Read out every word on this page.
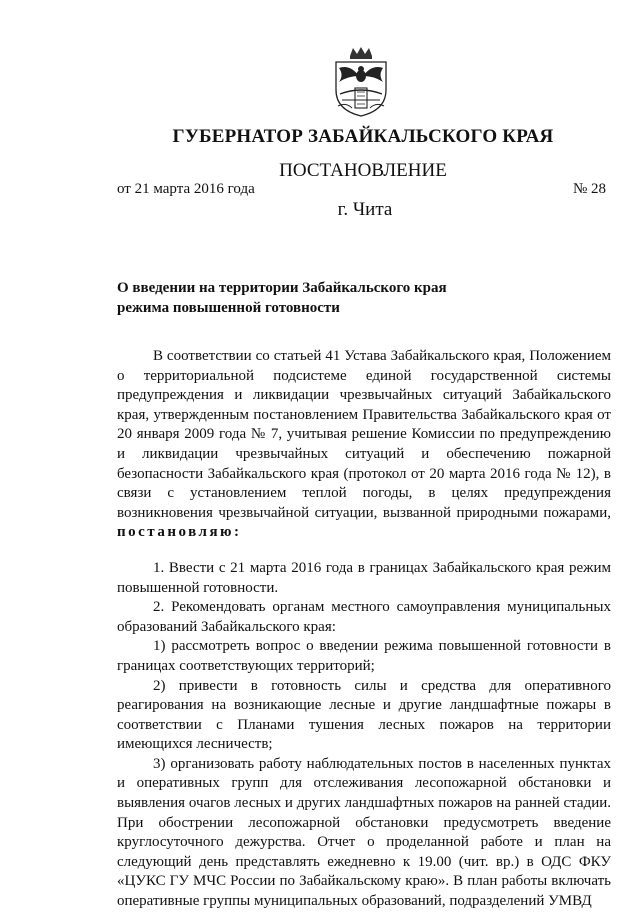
ГУБЕРНАТОР ЗАБАЙКАЛЬСКОГО КРАЯ
ПОСТАНОВЛЕНИЕ
от 21 марта 2016 года	№ 28
г. Чита
О введении на территории Забайкальского края
режима повышенной готовности

В соответствии со статьей 41 Устава Забайкальского края, Положением о территориальной подсистеме единой государственной системы предупреждения и ликвидации чрезвычайных ситуаций Забайкальского края, утвержденным постановлением Правительства Забайкальского края от 20 января 2009 года № 7, учитывая решение Комиссии по предупреждению и ликвидации чрезвычайных ситуаций и обеспечению пожарной безопасности Забайкальского края (протокол от 20 марта 2016 года № 12), в связи с установлением теплой погоды, в целях предупреждения возникновения чрезвычайной ситуации, вызванной природными пожарами, постановляю:

1. Ввести с 21 марта 2016 года в границах Забайкальского края режим повышенной готовности.

2. Рекомендовать органам местного самоуправления муниципальных образований Забайкальского края:

1) рассмотреть вопрос о введении режима повышенной готовности в границах соответствующих территорий;

2) привести в готовность силы и средства для оперативного реагирования на возникающие лесные и другие ландшафтные пожары в соответствии с Планами тушения лесных пожаров на территории имеющихся лесничеств;

3) организовать работу наблюдательных постов в населенных пунктах и оперативных групп для отслеживания лесопожарной обстановки и выявления очагов лесных и других ландшафтных пожаров на ранней стадии. При обострении лесопожарной обстановки предусмотреть введение круглосуточного дежурства. Отчет о проделанной работе и план на следующий день представлять ежедневно к 19.00 (чит. вр.) в ОДС ФКУ «ЦУКС ГУ МЧС России по Забайкальскому краю». В план работы включать оперативные группы муниципальных образований, подразделений УМВД
